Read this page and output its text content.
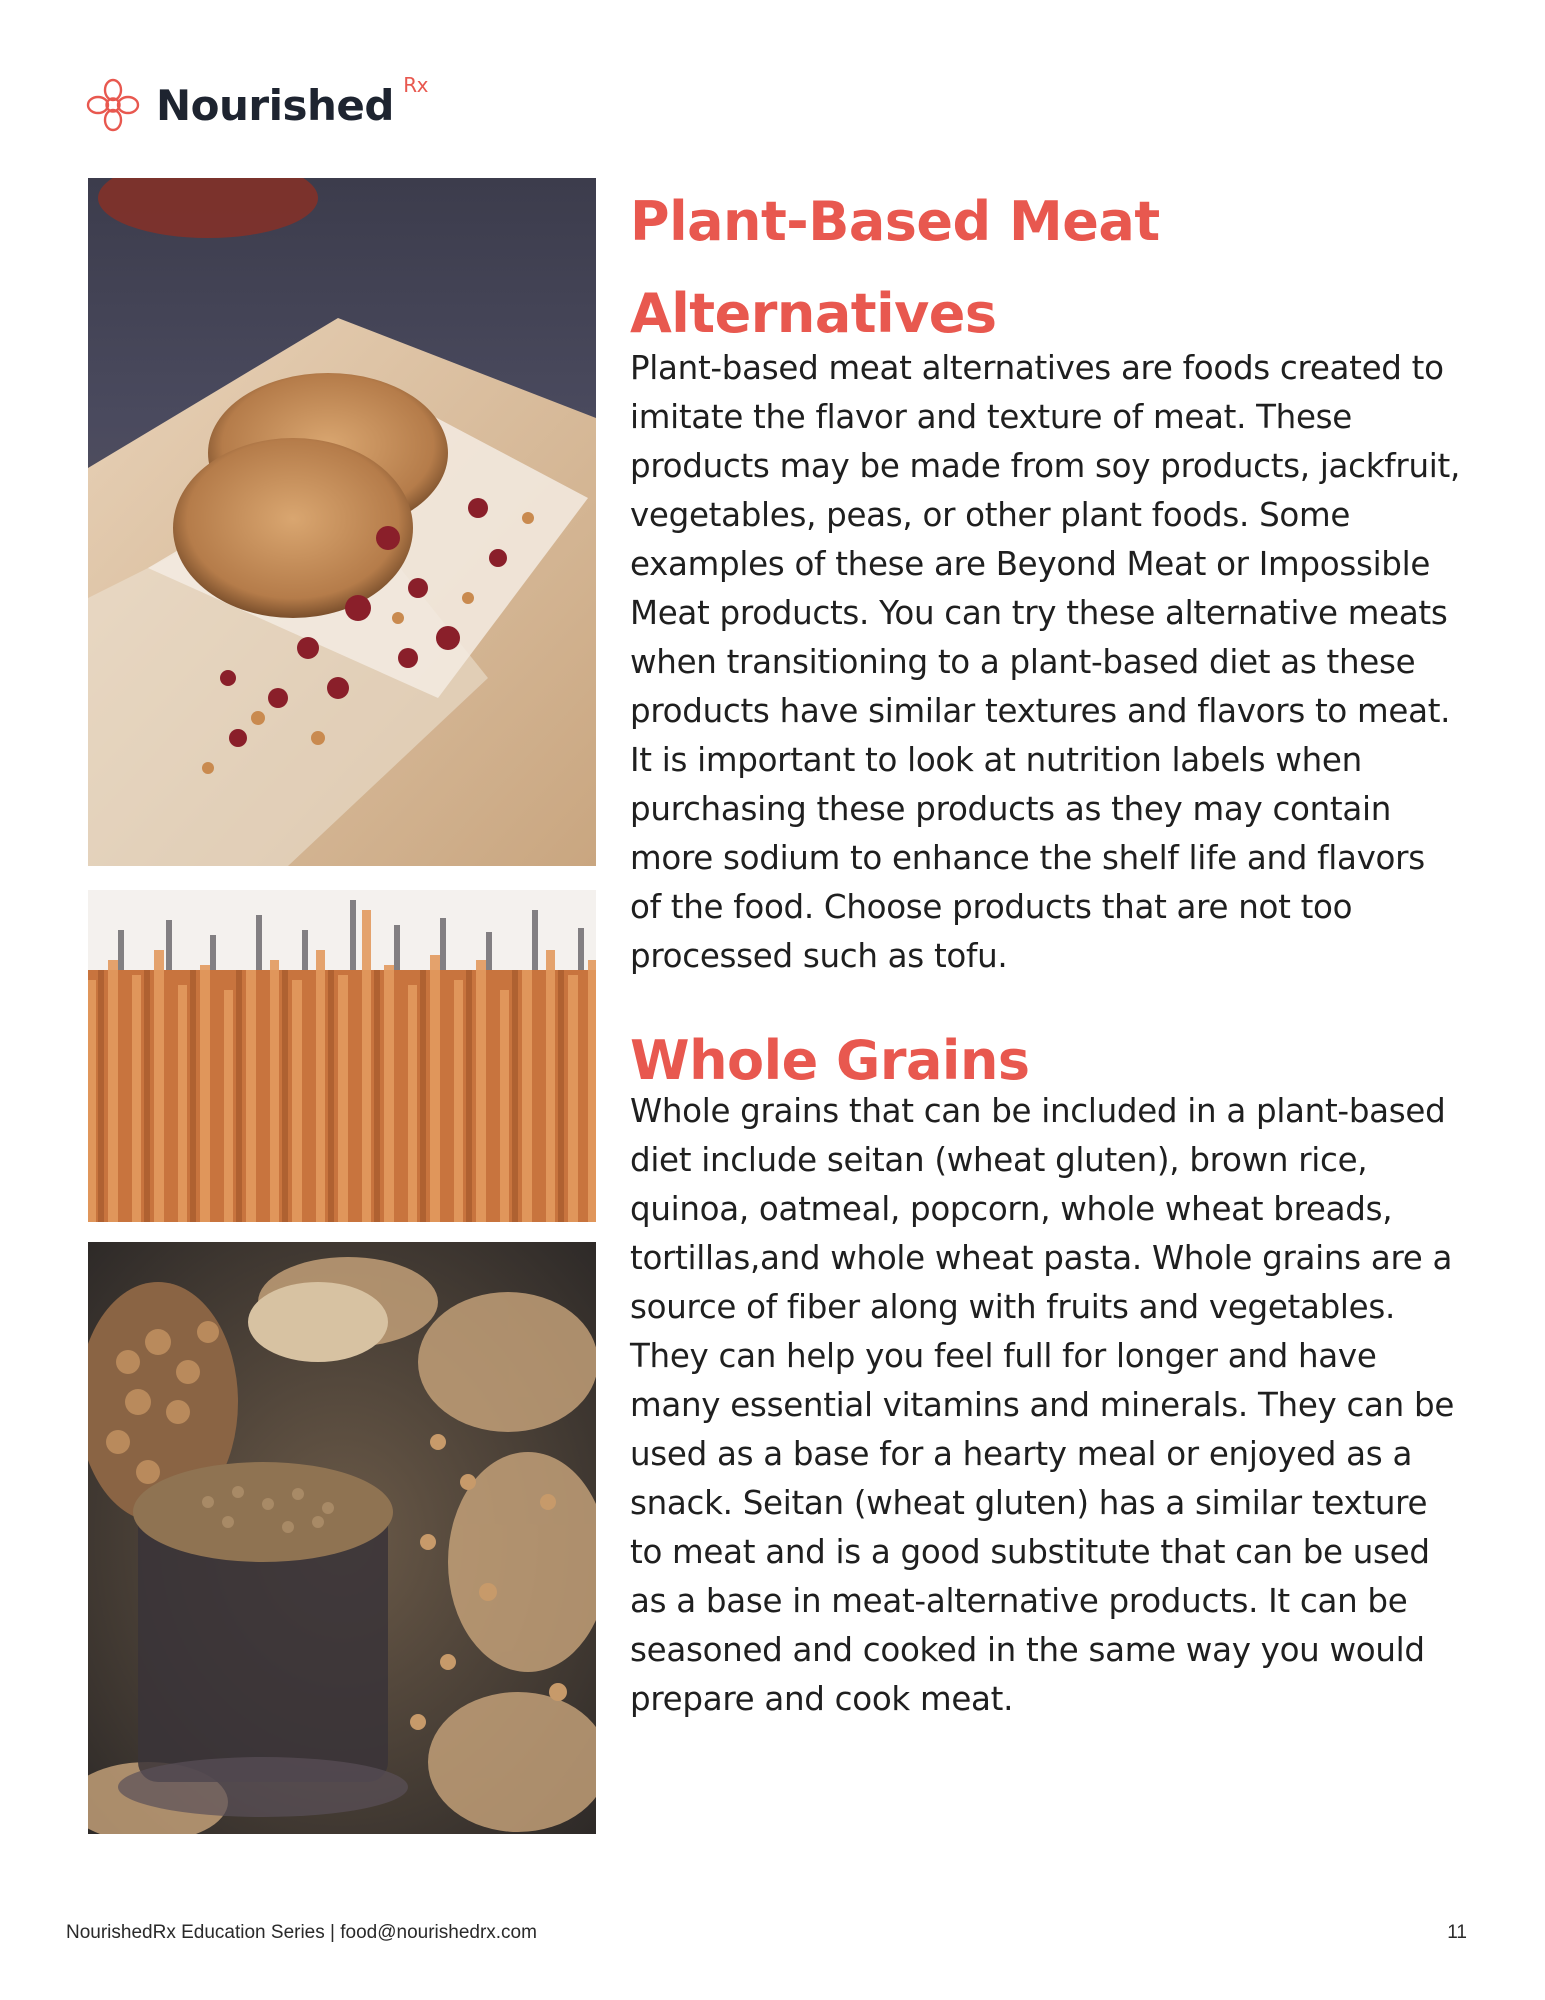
Nourished Rx
Plant-Based Meat Alternatives

Plant-based meat alternatives are foods created to imitate the flavor and texture of meat. These products may be made from soy products, jackfruit, vegetables, peas, or other plant foods. Some examples of these are Beyond Meat or Impossible Meat products. You can try these alternative meats when transitioning to a plant-based diet as these products have similar textures and flavors to meat. It is important to look at nutrition labels when purchasing these products as they may contain more sodium to enhance the shelf life and flavors of the food. Choose products that are not too processed such as tofu.

Whole Grains

Whole grains that can be included in a plant-based diet include seitan (wheat gluten), brown rice, quinoa, oatmeal, popcorn, whole wheat breads, tortillas,and whole wheat pasta. Whole grains are a source of fiber along with fruits and vegetables. They can help you feel full for longer and have many essential vitamins and minerals. They can be used as a base for a hearty meal or enjoyed as a snack. Seitan (wheat gluten) has a similar texture to meat and is a good substitute that can be used as a base in meat-alternative products. It can be seasoned and cooked in the same way you would prepare and cook meat.

NourishedRx Education Series | food@nourishedrx.com	11
